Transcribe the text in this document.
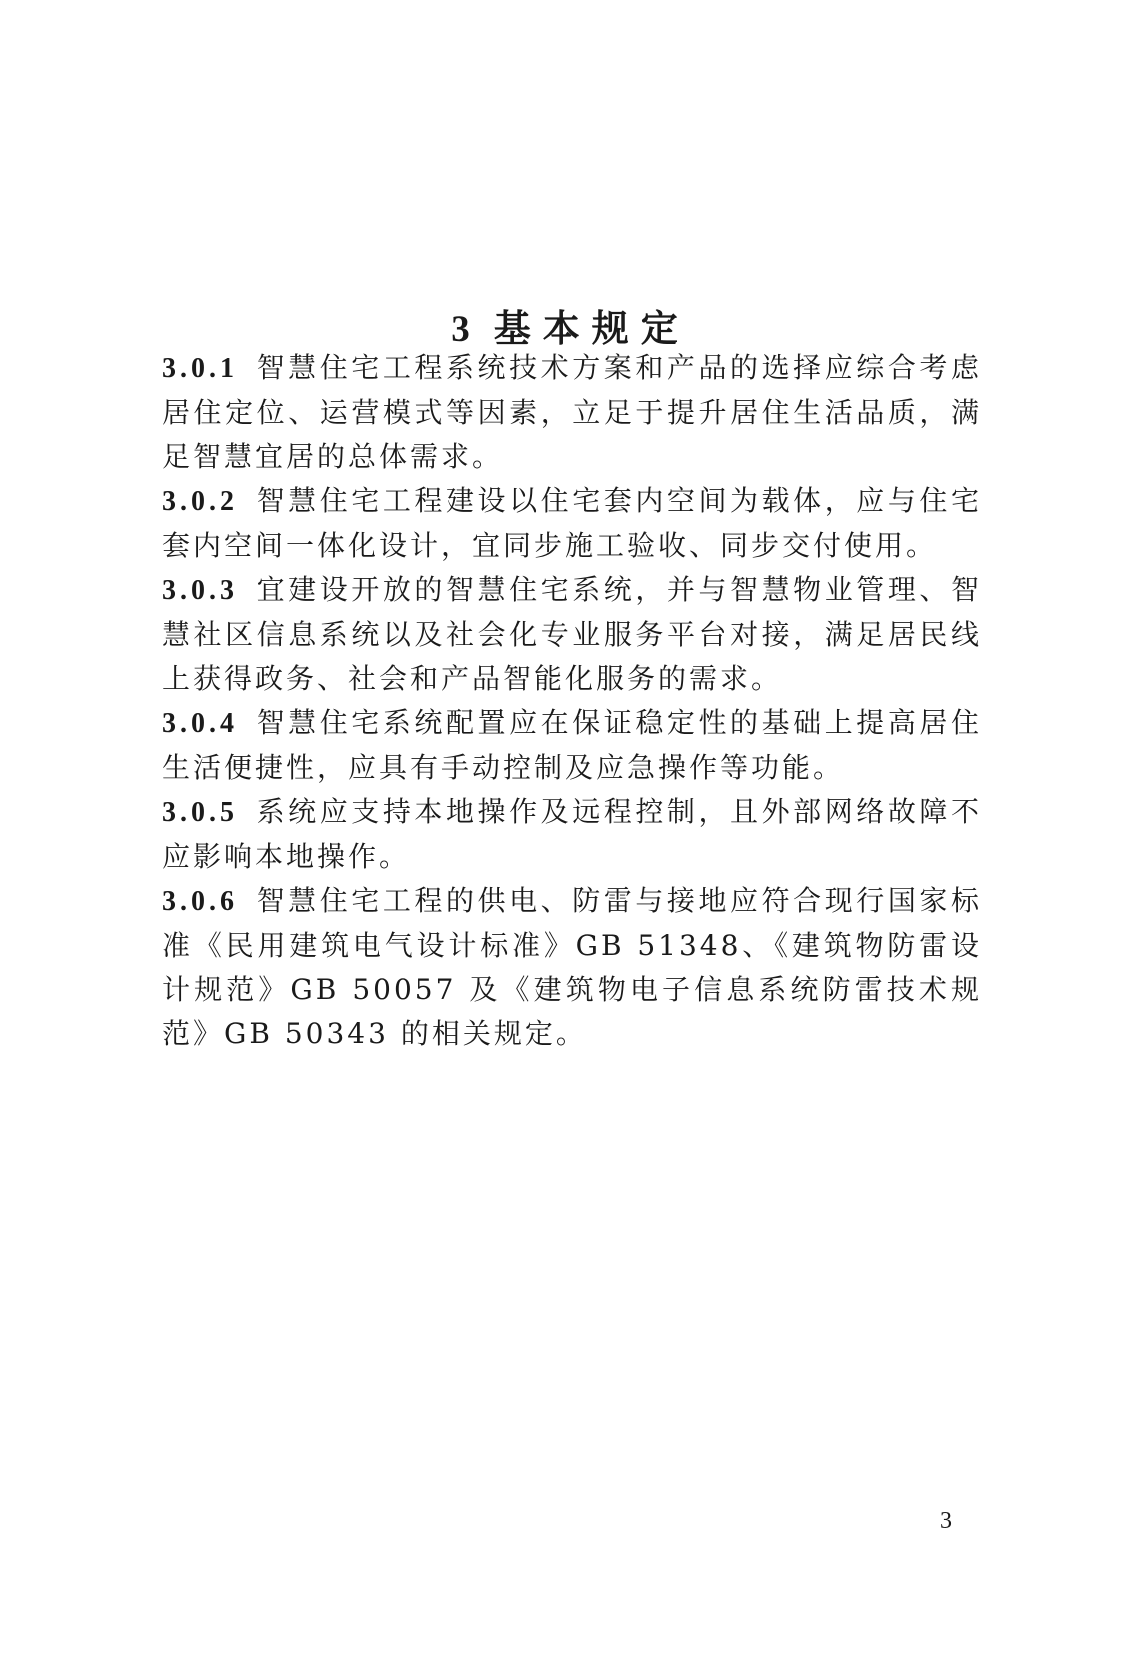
3 基本规定

3.0.1 智慧住宅工程系统技术方案和产品的选择应综合考虑居住定位、运营模式等因素，立足于提升居住生活品质，满足智慧宜居的总体需求。

3.0.2 智慧住宅工程建设以住宅套内空间为载体，应与住宅套内空间一体化设计，宜同步施工验收、同步交付使用。

3.0.3 宜建设开放的智慧住宅系统，并与智慧物业管理、智慧社区信息系统以及社会化专业服务平台对接，满足居民线上获得政务、社会和产品智能化服务的需求。

3.0.4 智慧住宅系统配置应在保证稳定性的基础上提高居住生活便捷性，应具有手动控制及应急操作等功能。

3.0.5 系统应支持本地操作及远程控制，且外部网络故障不应影响本地操作。

3.0.6 智慧住宅工程的供电、防雷与接地应符合现行国家标准《民用建筑电气设计标准》GB 51348、《建筑物防雷设计规范》GB 50057 及《建筑物电子信息系统防雷技术规范》GB 50343 的相关规定。

3
